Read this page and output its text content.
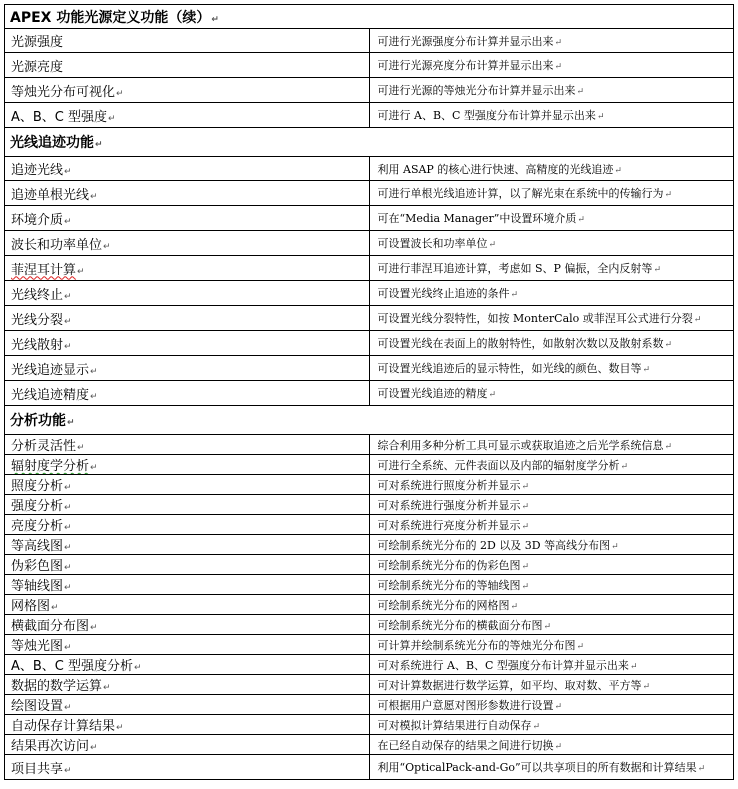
APEX 功能光源定义功能（续）↵	
光源强度	可进行光源强度分布计算并显示出来↵
光源亮度	可进行光源亮度分布计算并显示出来↵
等烛光分布可视化↵	可进行光源的等烛光分布计算并显示出来↵
A、B、C 型强度↵	可进行 A、B、C 型强度分布计算并显示出来↵
光线追迹功能↵	
追迹光线↵	利用 ASAP 的核心进行快速、高精度的光线追迹↵
追迹单根光线↵	可进行单根光线追迹计算，以了解光束在系统中的传输行为↵
环境介质↵	可在“Media Manager”中设置环境介质↵
波长和功率单位↵	可设置波长和功率单位↵
菲涅耳计算↵	可进行菲涅耳追迹计算，考虑如 S、P 偏振，全内反射等↵
光线终止↵	可设置光线终止追迹的条件↵
光线分裂↵	可设置光线分裂特性，如按 MonterCalo 或菲涅耳公式进行分裂↵
光线散射↵	可设置光线在表面上的散射特性，如散射次数以及散射系数↵
光线追迹显示↵	可设置光线追迹后的显示特性，如光线的颜色、数目等↵
光线追迹精度↵	可设置光线追迹的精度↵
分析功能↵	
分析灵活性↵	综合利用多种分析工具可显示或获取追迹之后光学系统信息↵
辐射度学分析↵	可进行全系统、元件表面以及内部的辐射度学分析↵
照度分析↵	可对系统进行照度分析并显示↵
强度分析↵	可对系统进行强度分析并显示↵
亮度分析↵	可对系统进行亮度分析并显示↵
等高线图↵	可绘制系统光分布的 2D 以及 3D 等高线分布图↵
伪彩色图↵	可绘制系统光分布的伪彩色图↵
等轴线图↵	可绘制系统光分布的等轴线图↵
网格图↵	可绘制系统光分布的网格图↵
横截面分布图↵	可绘制系统光分布的横截面分布图↵
等烛光图↵	可计算并绘制系统光分布的等烛光分布图↵
A、B、C 型强度分析↵	可对系统进行 A、B、C 型强度分布计算并显示出来↵
数据的数学运算↵	可对计算数据进行数学运算，如平均、取对数、平方等↵
绘图设置↵	可根据用户意愿对图形参数进行设置↵
自动保存计算结果↵	可对模拟计算结果进行自动保存↵
结果再次访问↵	在已经自动保存的结果之间进行切换↵
项目共享↵	利用“OpticalPack-and-Go”可以共享项目的所有数据和计算结果↵
